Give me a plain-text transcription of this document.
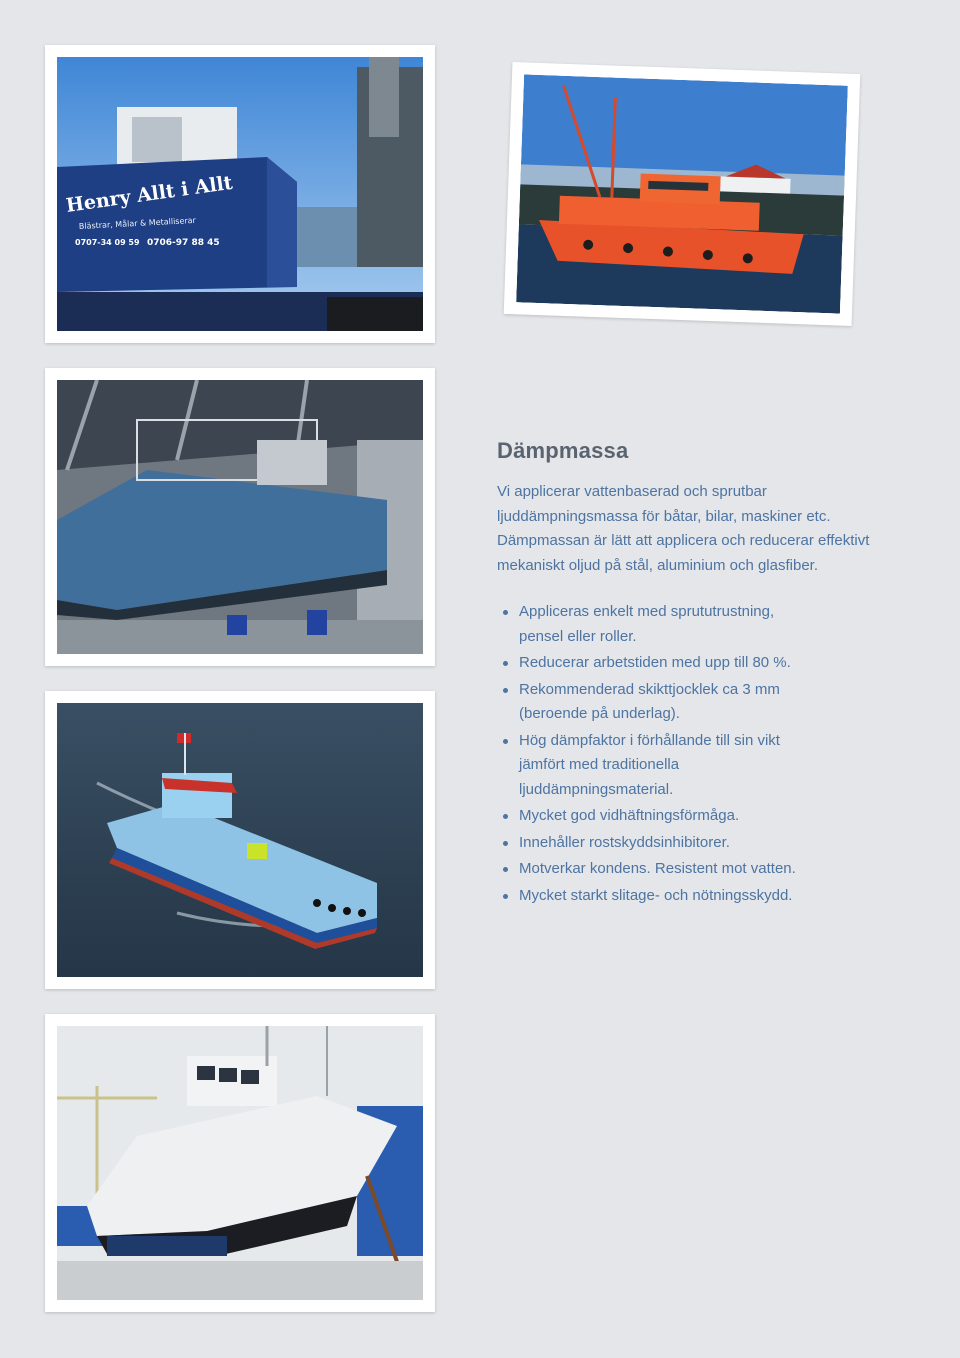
Henry Allt i Allt
Blästrar, Målar & Metalliserar
0707-34 09 59 0706-97 88 45
Dämpmassa

Vi applicerar vattenbaserad och sprutbar ljuddämpningsmassa för båtar, bilar, maskiner etc. Dämpmassan är lätt att applicera och reducerar effektivt mekaniskt oljud på stål, aluminium och glasfiber.

Appliceras enkelt med sprututrustning, pensel eller roller.
Reducerar arbetstiden med upp till 80 %.
Rekommenderad skikttjocklek ca 3 mm (beroende på underlag).
Hög dämpfaktor i förhållande till sin vikt jämfört med traditionella ljuddämpningsmaterial.
Mycket god vidhäftningsförmåga.
Innehåller rostskyddsinhibitorer.
Motverkar kondens. Resistent mot vatten.
Mycket starkt slitage- och nötningsskydd.
